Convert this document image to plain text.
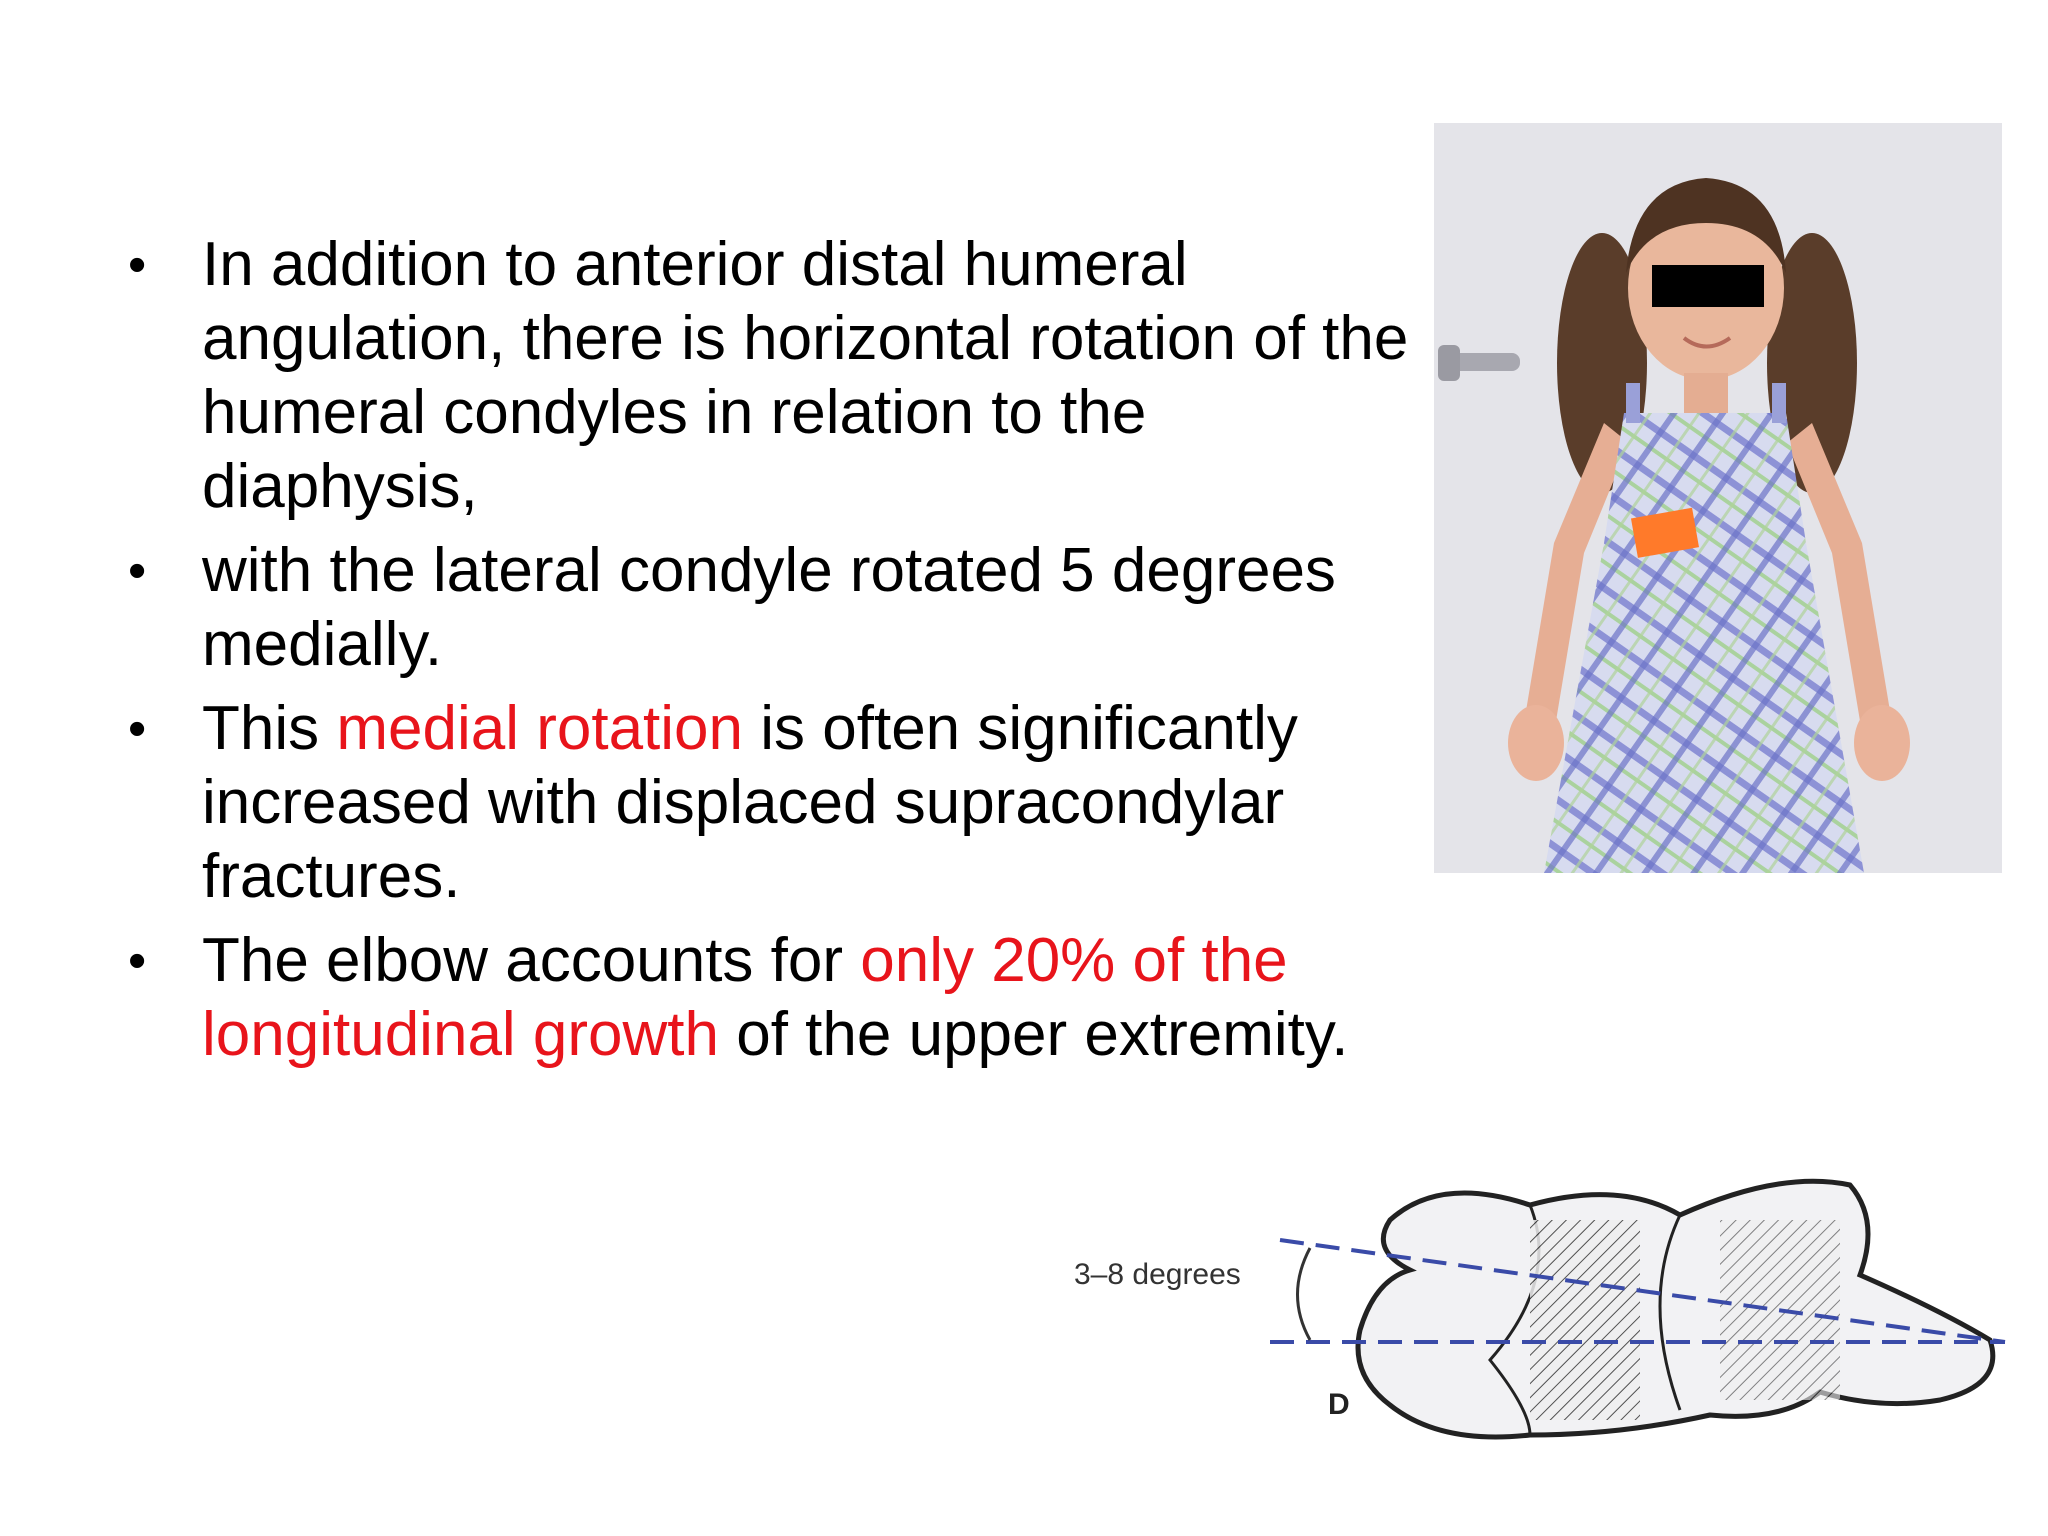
• In addition to anterior distal humeral angulation, there is horizontal rotation of the humeral condyles in relation to the diaphysis,
• with the lateral condyle rotated 5 degrees medially.
• This medial rotation is often significantly increased with displaced supracondylar fractures.
• The elbow accounts for only 20% of the longitudinal growth of the upper extremity.
3–8 degrees
D
